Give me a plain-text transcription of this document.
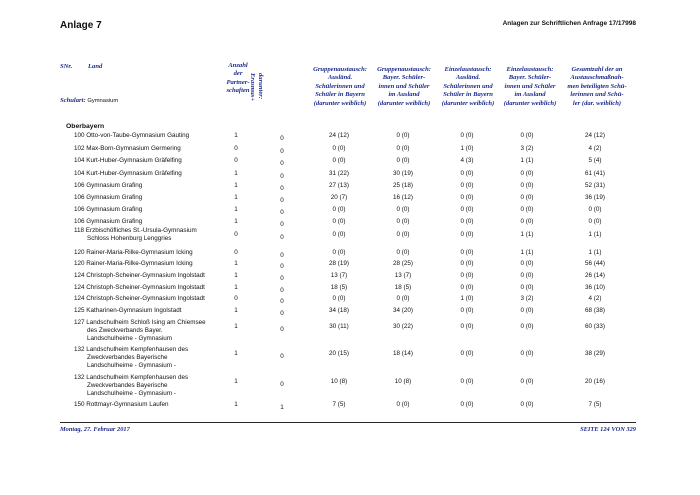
Anlage 7	Anlagen zur Schriftlichen Anfrage 17/17998
SNr. Land
Schulart: Gymnasium
Anzahl
der
Partner-
schaften	darunter:
Erasmus+
Gruppenaustausch:
Ausländ.
Schülerinnen und
Schüler in Bayern
(darunter weiblich)
Gruppenaustausch:
Bayer. Schüler-
innen und Schüler
im Ausland
(darunter weiblich)
Einzelaustausch:
Ausländ.
Schülerinnen und
Schüler in Bayern
(darunter weiblich)
Einzelaustausch:
Bayer. Schüler-
innen und Schüler
im Ausland
(darunter weiblich)
Gesamtzahl der an
Austauschmaßnah-
men beteiligten Schü-
lerinnen und Schü-
ler (dar. weiblich)
Oberbayern
100 Otto-von-Taube-Gymnasium Gauting	1	0	24 (12)	0 (0)	0 (0)	0 (0)	24 (12)
102 Max-Born-Gymnasium Germering	0	0	0 (0)	0 (0)	1 (0)	3 (2)	4 (2)
104 Kurt-Huber-Gymnasium Gräfelfing	0	0	0 (0)	0 (0)	4 (3)	1 (1)	5 (4)
104 Kurt-Huber-Gymnasium Gräfelfing	1	0	31 (22)	30 (19)	0 (0)	0 (0)	61 (41)
106 Gymnasium Grafing	1	0	27 (13)	25 (18)	0 (0)	0 (0)	52 (31)
106 Gymnasium Grafing	1	0	20 (7)	16 (12)	0 (0)	0 (0)	36 (19)
106 Gymnasium Grafing	1	0	0 (0)	0 (0)	0 (0)	0 (0)	0 (0)
106 Gymnasium Grafing	1	0	0 (0)	0 (0)	0 (0)	0 (0)	0 (0)
118 Erzbischöfliches St.-Ursula-Gymnasium
Schloss Hohenburg Lenggries
0	0	0 (0)	0 (0)	0 (0)	1 (1)	1 (1)
120 Rainer-Maria-Rilke-Gymnasium Icking	0	0	0 (0)	0 (0)	0 (0)	1 (1)	1 (1)
120 Rainer-Maria-Rilke-Gymnasium Icking	1	0	28 (19)	28 (25)	0 (0)	0 (0)	56 (44)
124 Christoph-Scheiner-Gymnasium Ingolstadt	1	0	13 (7)	13 (7)	0 (0)	0 (0)	26 (14)
124 Christoph-Scheiner-Gymnasium Ingolstadt	1	0	18 (5)	18 (5)	0 (0)	0 (0)	36 (10)
124 Christoph-Scheiner-Gymnasium Ingolstadt	0	0	0 (0)	0 (0)	1 (0)	3 (2)	4 (2)
125 Katharinen-Gymnasium Ingolstadt	1	0	34 (18)	34 (20)	0 (0)	0 (0)	68 (38)
127 Landschulheim Schloß Ising am Chiemsee
des Zweckverbands Bayer.
Landschulheime - Gymnasium
1	0	30 (11)	30 (22)	0 (0)	0 (0)	60 (33)
132 Landschulheim Kempfenhausen des
Zweckverbandes Bayerische
Landschulheime - Gymnasium -
1	0	20 (15)	18 (14)	0 (0)	0 (0)	38 (29)
132 Landschulheim Kempfenhausen des
Zweckverbandes Bayerische
Landschulheime - Gymnasium -
1	0	10 (8)	10 (8)	0 (0)	0 (0)	20 (16)
150 Rottmayr-Gymnasium Laufen	1	1	7 (5)	0 (0)	0 (0)	0 (0)	7 (5)
Montag, 27. Februar 2017	SEITE 124 VON 329
